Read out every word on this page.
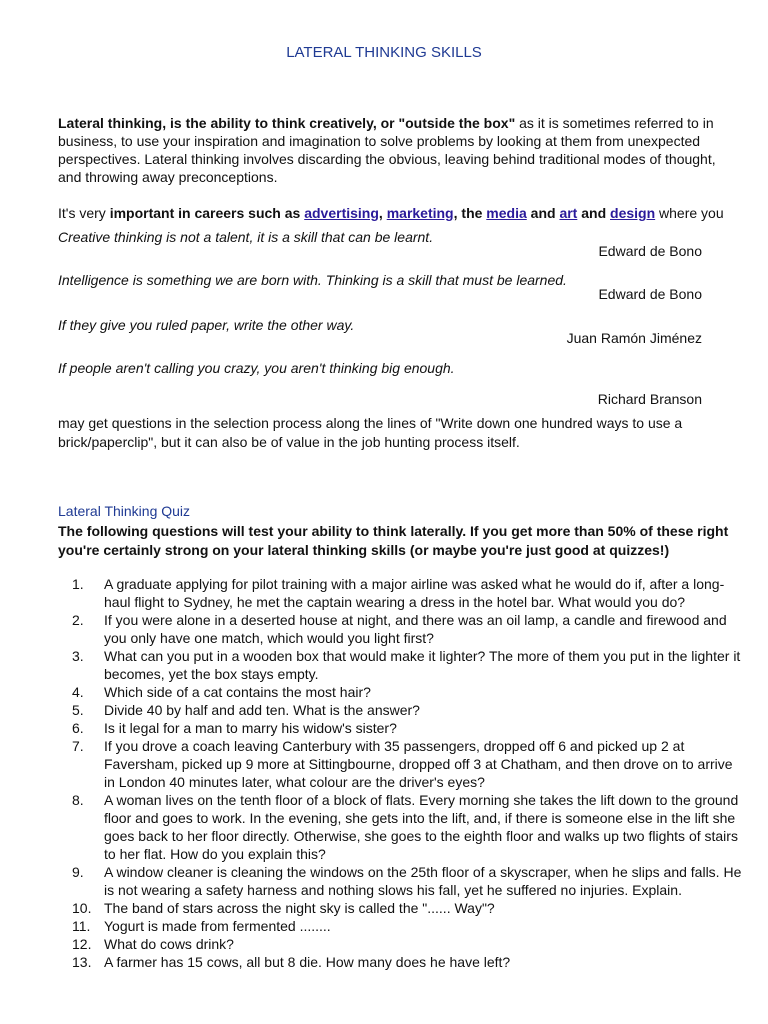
LATERAL THINKING SKILLS

Lateral thinking, is the ability to think creatively, or "outside the box" as it is sometimes referred to in business, to use your inspiration and imagination to solve problems by looking at them from unexpected perspectives. Lateral thinking involves discarding the obvious, leaving behind traditional modes of thought, and throwing away preconceptions.

It's very important in careers such as advertising, marketing, the media and art and design where you

Creative thinking is not a talent, it is a skill that can be learnt.

Edward de Bono

Intelligence is something we are born with. Thinking is a skill that must be learned.

Edward de Bono

If they give you ruled paper, write the other way.

Juan Ramón Jiménez

If people aren't calling you crazy, you aren't thinking big enough.

Richard Branson

may get questions in the selection process along the lines of "Write down one hundred ways to use a brick/paperclip", but it can also be of value in the job hunting process itself.

Lateral Thinking Quiz

The following questions will test your ability to think laterally. If you get more than 50% of these right you're certainly strong on your lateral thinking skills (or maybe you're just good at quizzes!)

1.	A graduate applying for pilot training with a major airline was asked what he would do if, after a long-haul flight to Sydney, he met the captain wearing a dress in the hotel bar. What would you do?
2.	If you were alone in a deserted house at night, and there was an oil lamp, a candle and firewood and you only have one match, which would you light first?
3.	What can you put in a wooden box that would make it lighter? The more of them you put in the lighter it becomes, yet the box stays empty.
4.	Which side of a cat contains the most hair?
5.	Divide 40 by half and add ten. What is the answer?
6.	Is it legal for a man to marry his widow's sister?
7.	If you drove a coach leaving Canterbury with 35 passengers, dropped off 6 and picked up 2 at Faversham, picked up 9 more at Sittingbourne, dropped off 3 at Chatham, and then drove on to arrive in London 40 minutes later, what colour are the driver's eyes?
8.	A woman lives on the tenth floor of a block of flats. Every morning she takes the lift down to the ground floor and goes to work. In the evening, she gets into the lift, and, if there is someone else in the lift she goes back to her floor directly. Otherwise, she goes to the eighth floor and walks up two flights of stairs to her flat. How do you explain this?
9.	A window cleaner is cleaning the windows on the 25th floor of a skyscraper, when he slips and falls. He is not wearing a safety harness and nothing slows his fall, yet he suffered no injuries. Explain.
10. The band of stars across the night sky is called the "...... Way"?
11. Yogurt is made from fermented ........
12. What do cows drink?
13. A farmer has 15 cows, all but 8 die. How many does he have left?
